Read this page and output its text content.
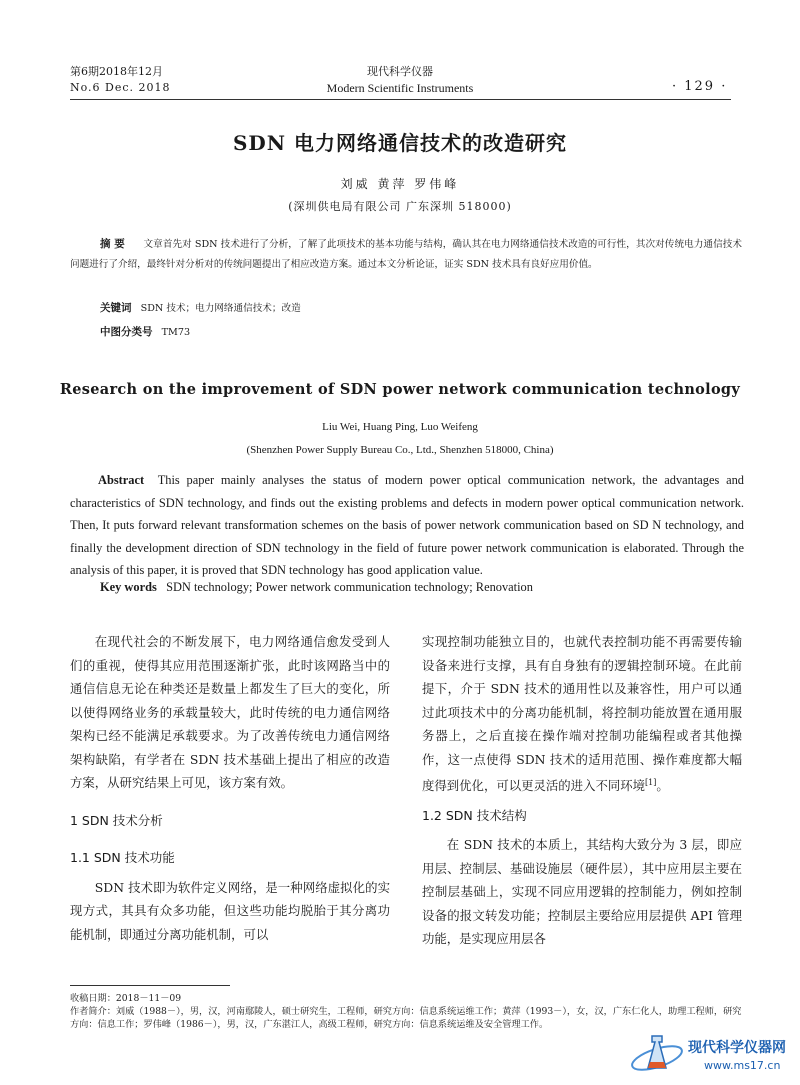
第6期2018年12月
No.6 Dec. 2018
现代科学仪器
Modern Scientific Instruments	· 129 ·
SDN 电力网络通信技术的改造研究
刘威 黄萍 罗伟峰
(深圳供电局有限公司 广东深圳 518000)
摘 要 文章首先对 SDN 技术进行了分析，了解了此项技术的基本功能与结构，确认其在电力网络通信技术改造的可行性，其次对传统电力通信技术问题进行了介绍，最终针对分析对的传统问题提出了相应改造方案。通过本文分析论证，证实 SDN 技术具有良好应用价值。
关键词 SDN 技术；电力网络通信技术；改造
中图分类号 TM73
Research on the improvement of SDN power network communication technology
Liu Wei, Huang Ping, Luo Weifeng
(Shenzhen Power Supply Bureau Co., Ltd., Shenzhen 518000, China)
Abstract This paper mainly analyses the status of modern power optical communication network, the advantages and characteristics of SDN technology, and finds out the existing problems and defects in modern power optical communication network. Then, It puts forward relevant transformation schemes on the basis of power network communication based on SD N technology, and finally the development direction of SDN technology in the field of future power network communication is elaborated. Through the analysis of this paper, it is proved that SDN technology has good application value.
Key words SDN technology; Power network communication technology; Renovation

在现代社会的不断发展下，电力网络通信愈发受到人们的重视，使得其应用范围逐渐扩张，此时该网路当中的通信信息无论在种类还是数量上都发生了巨大的变化，所以使得网络业务的承载量较大，此时传统的电力通信网络架构已经不能满足承载要求。为了改善传统电力通信网络架构缺陷，有学者在 SDN 技术基础上提出了相应的改造方案，从研究结果上可见，该方案有效。

1 SDN 技术分析
1.1 SDN 技术功能

SDN 技术即为软件定义网络，是一种网络虚拟化的实现方式，其具有众多功能，但这些功能均脱胎于其分离功能机制，即通过分离功能机制，可以

实现控制功能独立目的，也就代表控制功能不再需要传输设备来进行支撑，具有自身独有的逻辑控制环境。在此前提下，介于 SDN 技术的通用性以及兼容性，用户可以通过此项技术中的分离功能机制，将控制功能放置在通用服务器上，之后直接在操作端对控制功能编程或者其他操作，这一点使得 SDN 技术的适用范围、操作难度都大幅度得到优化，可以更灵活的进入不同环境[1]。

1.2 SDN 技术结构

在 SDN 技术的本质上，其结构大致分为 3 层，即应用层、控制层、基础设施层（硬件层），其中应用层主要在控制层基础上，实现不同应用逻辑的控制能力，例如控制设备的报文转发功能；控制层主要给应用层提供 API 管理功能，是实现应用层各

收稿日期：2018－11－09
作者简介：刘威（1988－），男，汉，河南鄢陵人，硕士研究生，工程师，研究方向：信息系统运维工作；黄萍（1993－），女，汉，广东仁化人，助理工程师，研究方向：信息工作；罗伟峰（1986－），男，汉，广东湛江人，高级工程师，研究方向：信息系统运维及安全管理工作。
现代科学仪器网
www.ms17.cn
